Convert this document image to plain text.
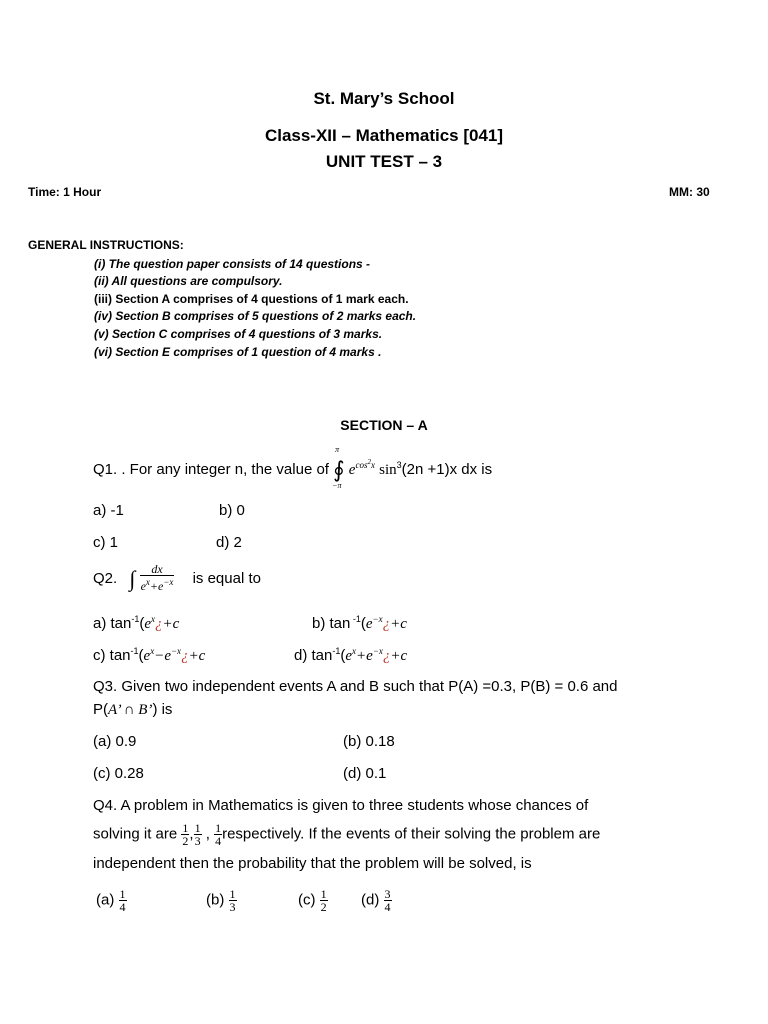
St. Mary’s School
Class-XII – Mathematics [041]
UNIT TEST – 3
Time: 1 Hour	MM: 30
GENERAL INSTRUCTIONS:
(i) The question paper consists of 14 questions -
(ii) All questions are compulsory.
(iii) Section A comprises of 4 questions of 1 mark each.
(iv) Section B comprises of 5 questions of 2 marks each.
(v) Section C comprises of 4 questions of 3 marks.
(vi) Section E comprises of 1 question of 4 marks .
SECTION – A
Q1. . For any integer n, the value of
π
∮
−π
$e^{cos^2x}$ $\sin^3(2n +1)x$ dx is
a) -1	b) 0
c) 1	d) 2
Q2. ∫ $\frac{dx}{e^x+e^{-x}}$ is equal to
a) $\tan^{-1}(e^x¿+c$	b) $\tan ^{-1}(e^{-x}¿+c$
c) $\tan^{-1}(e^x-e^{-x}¿+c$	d) $\tan^{-1}(e^x+e^{-x}¿+c$
Q3. Given two independent events A and B such that P(A) =0.3, P(B) = 0.6 and
P(A’ ∩ B’) is
(a) 0.9	(b) 0.18
(c) 0.28	(d) 0.1
Q4. A problem in Mathematics is given to three students whose chances of
solving it are $\frac{1}{2}$ , $\frac{1}{3}$ , $\frac{1}{4}$ respectively. If the events of their solving the problem are
independent then the probability that the problem will be solved, is
$(a) \frac{1}{4}$	$(b) \frac{1}{3}$	$(c) \frac{1}{2} (d) \frac{3}{4}$
